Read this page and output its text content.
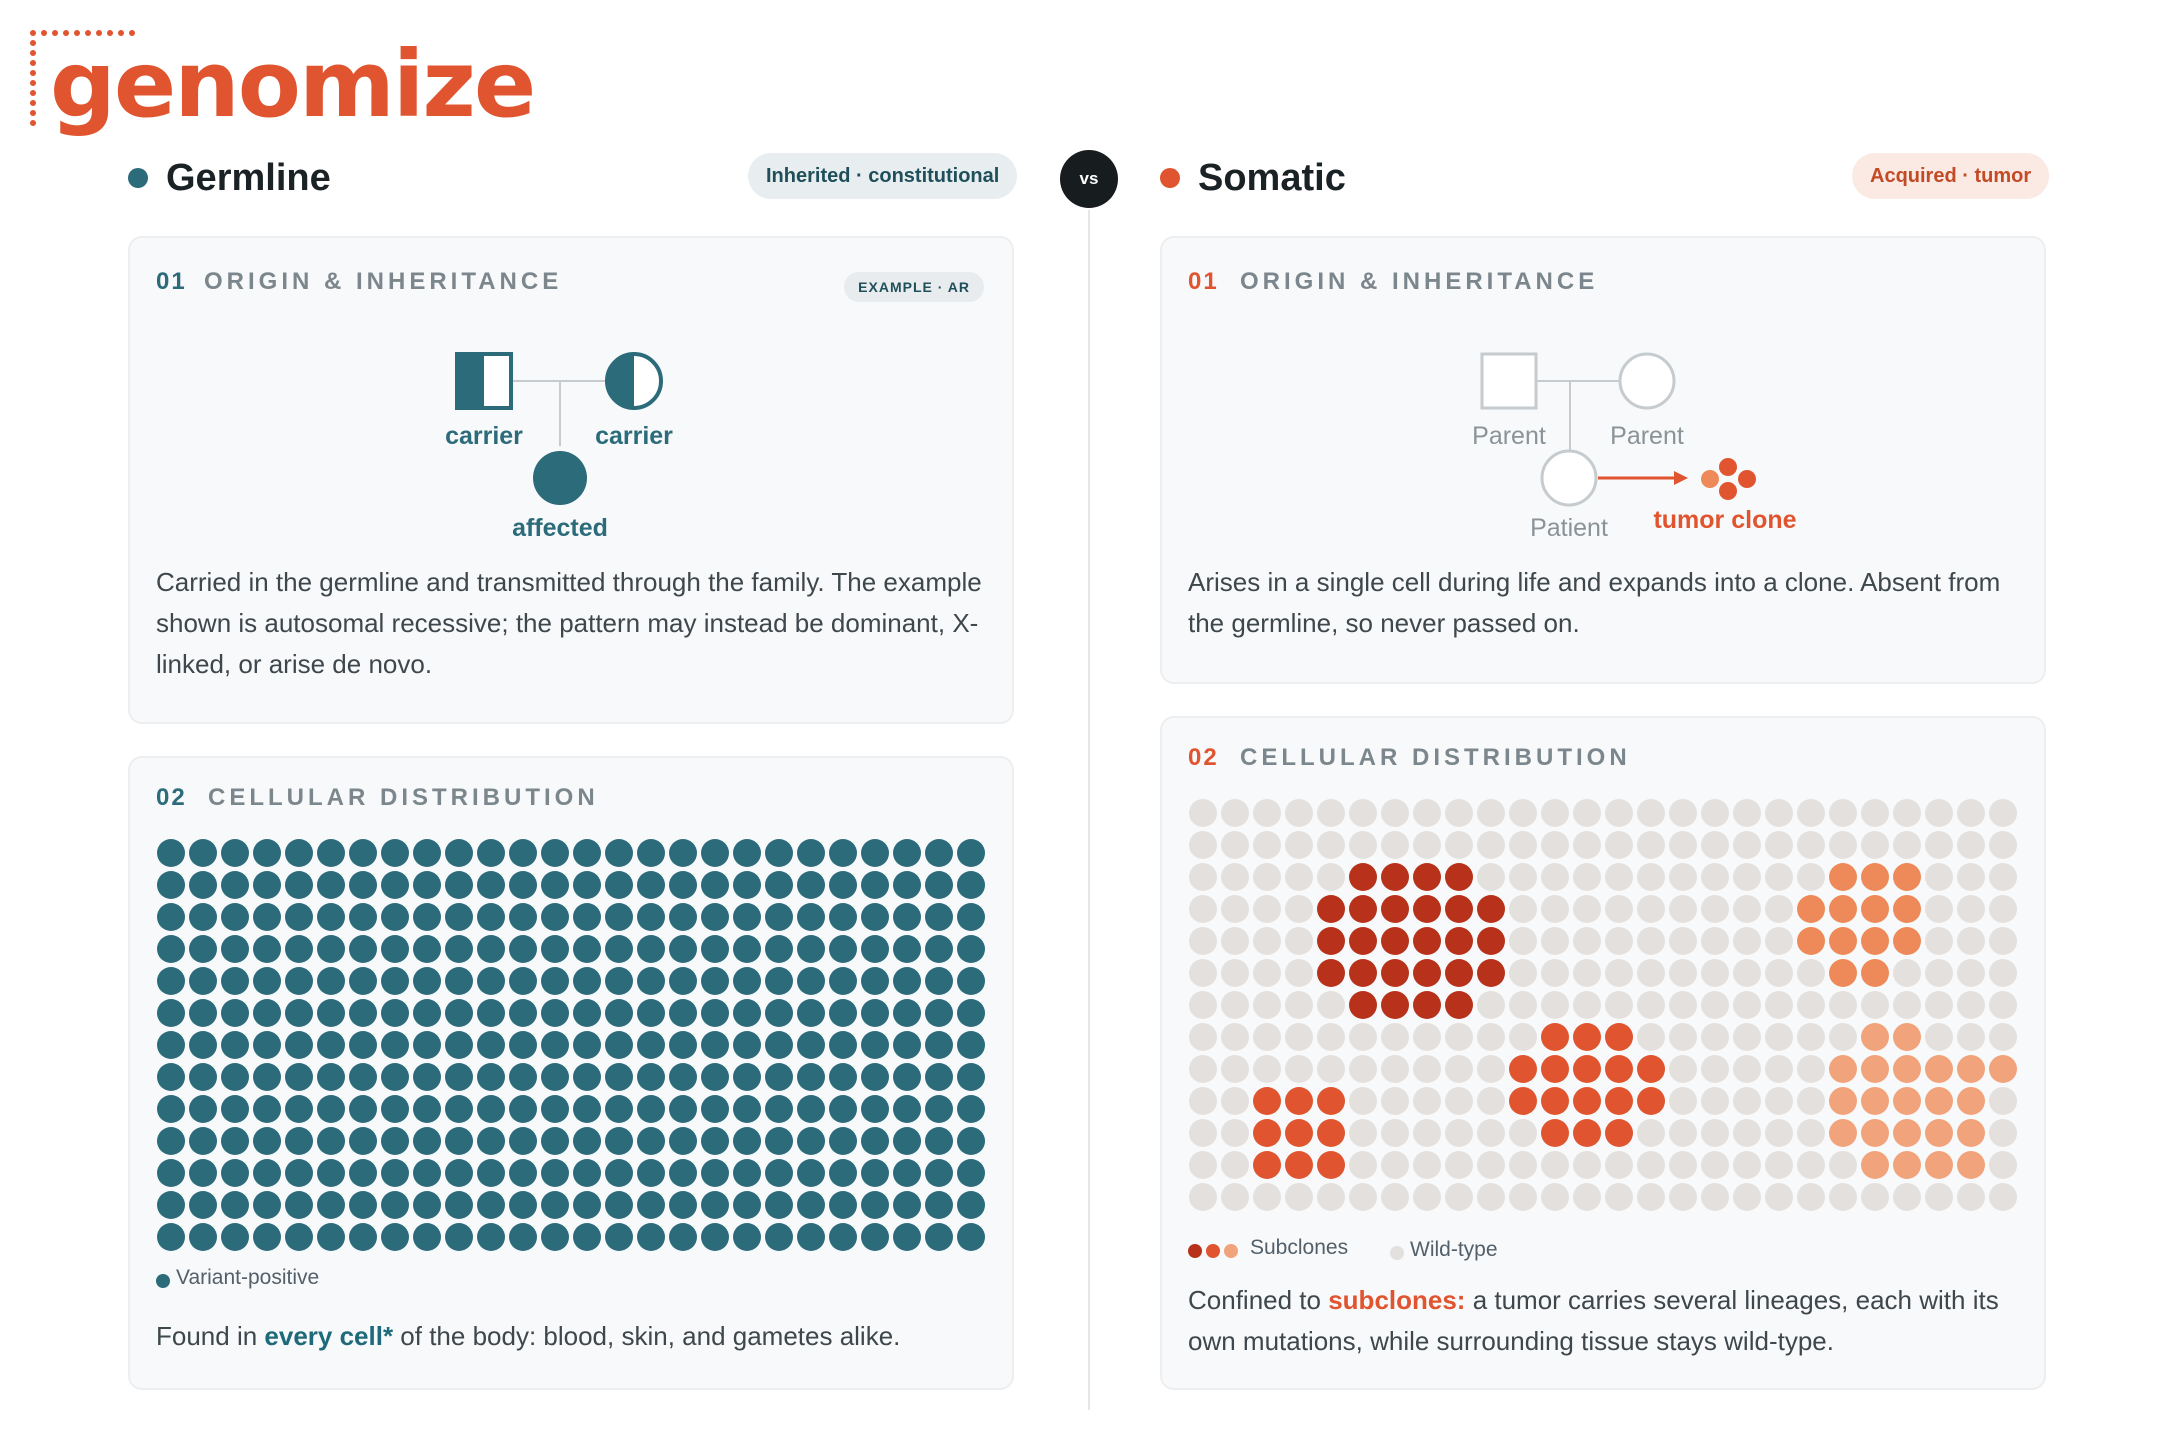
genomize
Germline	Inherited · constitutional	vs	Somatic	Acquired · tumor
01 ORIGIN & INHERITANCE	EXAMPLE · AR
carrier	carrier
affected

Carried in the germline and transmitted through the family. The example shown is autosomal recessive; the pattern may instead be dominant, X-linked, or arise de novo.

02 CELLULAR DISTRIBUTION
Variant-positive

Found in every cell* of the body: blood, skin, and gametes alike.

01 ORIGIN & INHERITANCE
Parent	Parent
Patient	tumor clone

Arises in a single cell during life and expands into a clone. Absent from the germline, so never passed on.

02 CELLULAR DISTRIBUTION
Subclones	Wild-type

Confined to subclones: a tumor carries several lineages, each with its own mutations, while surrounding tissue stays wild-type.
